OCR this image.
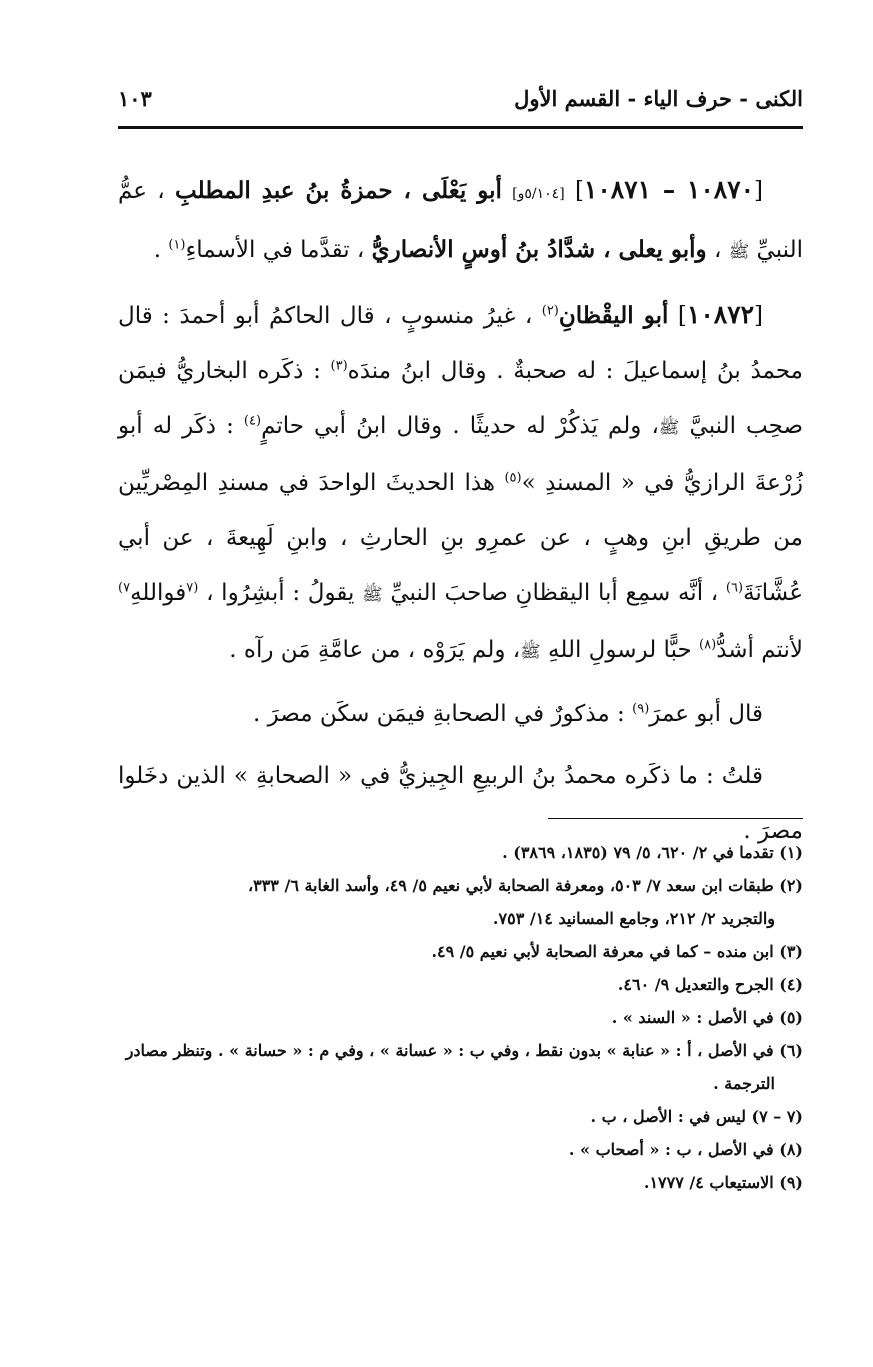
الكنى - حرف الياء - القسم الأول
١٠٣

[١٠٨٧٠ – ١٠٨٧١] [٥/١٠٤و] أبو يَعْلَى ، حمزةُ بنُ عبدِ المطلبِ ، عمُّ النبيِّ ﷺ ، وأبو يعلى ، شدَّادُ بنُ أوسٍ الأنصاريُّ ، تقدَّما في الأسماءِ$^{(١)}$ .

[١٠٨٧٢] أبو اليقْظانِ$^{(٢)}$ ، غيرُ منسوبٍ ، قال الحاكمُ أبو أحمدَ : قال محمدُ بنُ إسماعيلَ : له صحبةٌ . وقال ابنُ مندَه$^{(٣)}$ : ذكَره البخاريُّ فيمَن صحِب النبيَّ ﷺ، ولم يَذكُرْ له حديثًا . وقال ابنُ أبي حاتمٍ$^{(٤)}$ : ذكَر له أبو زُرْعةَ الرازيُّ في « المسندِ »$^{(٥)}$ هذا الحديثَ الواحدَ في مسندِ المِصْريِّين من طريقِ ابنِ وهبٍ ، عن عمرِو بنِ الحارثِ ، وابنِ لَهِيعةَ ، عن أبي عُشَّانَةَ$^{(٦)}$ ، أنَّه سمِع أبا اليقظانِ صاحبَ النبيِّ ﷺ يقولُ : أبشِرُوا ، $^{(٧}$فواللهِ$^{٧)}$ لأنتم أشدُّ$^{(٨)}$ حبًّا لرسولِ اللهِ ﷺ، ولم يَرَوْه ، من عامَّةِ مَن رآه .

قال أبو عمرَ$^{(٩)}$ : مذكورٌ في الصحابةِ فيمَن سكَن مصرَ .

قلتُ : ما ذكَره محمدُ بنُ الربيعِ الجِيزيُّ في « الصحابةِ » الذين دخَلوا مصرَ .

(١) تقدما في ٢/ ٦٢٠، ٥/ ٧٩ (١٨٣٥، ٣٨٦٩) .

(٢) طبقات ابن سعد ٧/ ٥٠٣، ومعرفة الصحابة لأبي نعيم ٥/ ٤٩، وأسد الغابة ٦/ ٣٣٣،

والتجريد ٢/ ٢١٢، وجامع المسانيد ١٤/ ٧٥٣.

(٣) ابن منده – كما في معرفة الصحابة لأبي نعيم ٥/ ٤٩.

(٤) الجرح والتعديل ٩/ ٤٦٠.

(٥) في الأصل : « السند » .

(٦) في الأصل ، أ : « عنابة » بدون نقط ، وفي ب : « عسانة » ، وفي م : « حسانة » . وتنظر مصادر

الترجمة .

(٧ – ٧) ليس في : الأصل ، ب .

(٨) في الأصل ، ب : « أصحاب » .

(٩) الاستيعاب ٤/ ١٧٧٧.
